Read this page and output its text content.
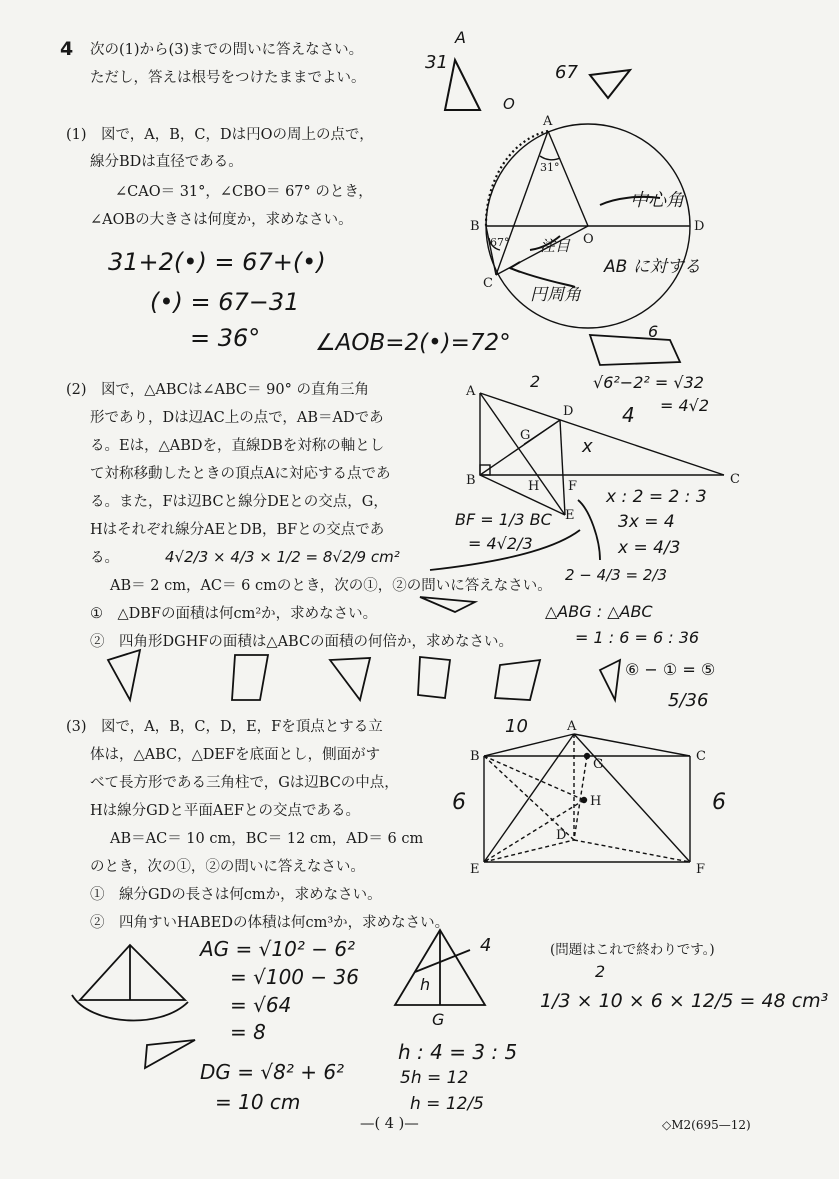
4 次の(1)から(3)までの問いに答えなさい。
ただし，答えは根号をつけたままでよい。
(1)　図で，A，B，C，Dは円Oの周上の点で，
線分BDは直径である。
∠CAO＝ 31°，∠CBO＝ 67° のとき，
∠AOBの大きさは何度か，求めなさい。
(2)　図で，△ABCは∠ABC＝ 90° の直角三角
形であり，Dは辺AC上の点で，AB＝ADであ
る。Eは，△ABDを，直線DBを対称の軸とし
て対称移動したときの頂点Aに対応する点であ
る。また，Fは辺BCと線分DEとの交点，G，
Hはそれぞれ線分AEとDB，BFとの交点であ
る。
AB＝ 2 cm，AC＝ 6 cmのとき，次の①，②の問いに答えなさい。
①　△DBFの面積は何cm²か，求めなさい。
②　四角形DGHFの面積は△ABCの面積の何倍か，求めなさい。
(3)　図で，A，B，C，D，E，Fを頂点とする立
体は，△ABC，△DEFを底面とし，側面がす
べて長方形である三角柱で，Gは辺BCの中点，
Hは線分GDと平面AEFとの交点である。
AB＝AC＝ 10 cm，BC＝ 12 cm，AD＝ 6 cm
のとき，次の①，②の問いに答えなさい。
①　線分GDの長さは何cmか，求めなさい。
②　四角すいHABEDの体積は何cm³か，求めなさい。
(問題はこれで終わりです。)
—( 4 )—	◇M2(695—12)
A
B
C
D
O
31°
67°
A
B	C
D
E
F
G
H
A
B	C
D
E	F
G
H
31
A
O
67
中心角
注目
AB に対する
円周角
31+2(•) = 67+(•)
(•) = 67−31
= 36° ∠AOB=2(•)=72°
√6²−2² = √32
= 4√2
2
6
4
x
x : 2 = 2 : 3
3x = 4
x = 4/3
BF = 1/3 BC
= 4√2/3
4√2/3 × 4/3 × 1/2 = 8√2/9 cm²
2 − 4/3 = 2/3
△ABG : △ABC
= 1 : 6 = 6 : 36
⑥ − ① = ⑤
5/36
10
6	6
AG = √10² − 6²
= √100 − 36
= √64
= 8
DG = √8² + 6²
= 10 cm
h : 4 = 3 : 5
5h = 12
h = 12/5
1/3 × 10 × 6 × 12/5 = 48 cm³
2
h
4
G
